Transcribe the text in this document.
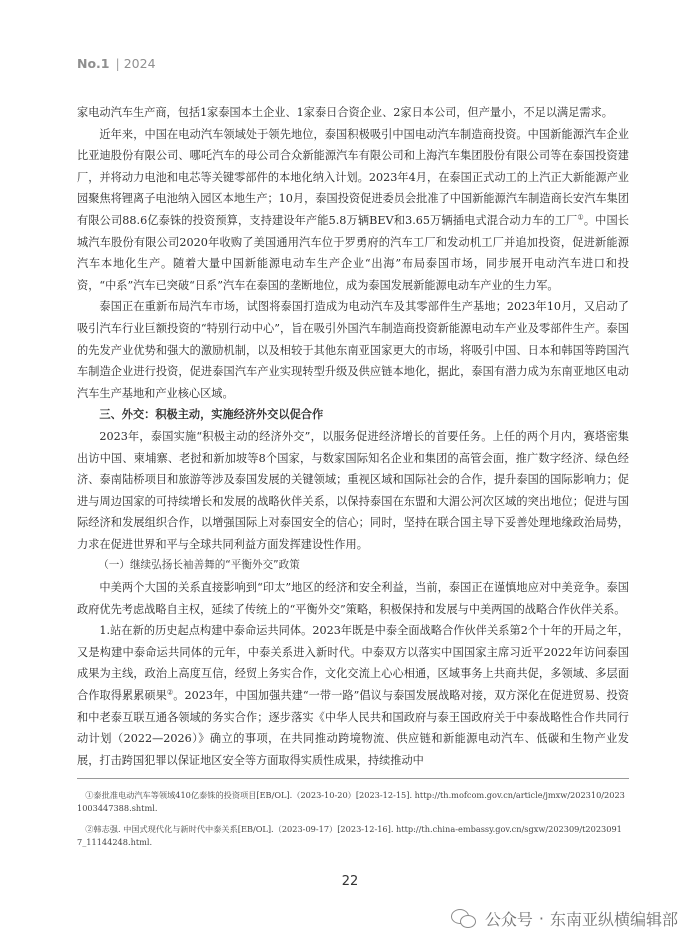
No.1 | 2024

家电动汽车生产商，包括1家泰国本土企业、1家泰日合资企业、2家日本公司，但产量小，不足以满足需求。

近年来，中国在电动汽车领域处于领先地位，泰国积极吸引中国电动汽车制造商投资。中国新能源汽车企业比亚迪股份有限公司、哪吒汽车的母公司合众新能源汽车有限公司和上海汽车集团股份有限公司等在泰国投资建厂，并将动力电池和电芯等关键零部件的本地化纳入计划。2023年4月，在泰国正式动工的上汽正大新能源产业园聚焦将锂离子电池纳入园区本地生产；10月，泰国投资促进委员会批准了中国新能源汽车制造商长安汽车集团有限公司88.6亿泰铢的投资预算，支持建设年产能5.8万辆BEV和3.65万辆插电式混合动力车的工厂①。中国长城汽车股份有限公司2020年收购了美国通用汽车位于罗勇府的汽车工厂和发动机工厂并追加投资，促进新能源汽车本地化生产。随着大量中国新能源电动车生产企业“出海”布局泰国市场，同步展开电动汽车进口和投资，“中系”汽车已突破“日系”汽车在泰国的垄断地位，成为泰国发展新能源电动车产业的生力军。

泰国正在重新布局汽车市场，试图将泰国打造成为电动汽车及其零部件生产基地；2023年10月，又启动了吸引汽车行业巨额投资的“特别行动中心”，旨在吸引外国汽车制造商投资新能源电动车产业及零部件生产。泰国的先发产业优势和强大的激励机制，以及相较于其他东南亚国家更大的市场，将吸引中国、日本和韩国等跨国汽车制造企业进行投资，促进泰国汽车产业实现转型升级及供应链本地化，据此，泰国有潜力成为东南亚地区电动汽车生产基地和产业核心区域。

三、外交：积极主动，实施经济外交以促合作

2023年，泰国实施“积极主动的经济外交”，以服务促进经济增长的首要任务。上任的两个月内，赛塔密集出访中国、柬埔寨、老挝和新加坡等8个国家，与数家国际知名企业和集团的高管会面，推广数字经济、绿色经济、泰南陆桥项目和旅游等涉及泰国发展的关键领域；重视区域和国际社会的合作，提升泰国的国际影响力；促进与周边国家的可持续增长和发展的战略伙伴关系，以保持泰国在东盟和大湄公河次区域的突出地位；促进与国际经济和发展组织合作，以增强国际上对泰国安全的信心；同时，坚持在联合国主导下妥善处理地缘政治局势，力求在促进世界和平与全球共同利益方面发挥建设性作用。

（一）继续弘扬长袖善舞的“平衡外交”政策

中美两个大国的关系直接影响到“印太”地区的经济和安全利益，当前，泰国正在谨慎地应对中美竞争。泰国政府优先考虑战略自主权，延续了传统上的“平衡外交”策略，积极保持和发展与中美两国的战略合作伙伴关系。

1.站在新的历史起点构建中泰命运共同体。2023年既是中泰全面战略合作伙伴关系第2个十年的开局之年，又是构建中泰命运共同体的元年，中泰关系进入新时代。中泰双方以落实中国国家主席习近平2022年访问泰国成果为主线，政治上高度互信，经贸上务实合作，文化交流上心心相通，区域事务上共商共促，多领域、多层面合作取得累累硕果②。2023年，中国加强共建“一带一路”倡议与泰国发展战略对接，双方深化在促进贸易、投资和中老泰互联互通各领域的务实合作；逐步落实《中华人民共和国政府与泰王国政府关于中泰战略性合作共同行动计划（2022—2026）》确立的事项，在共同推动跨境物流、供应链和新能源电动汽车、低碳和生物产业发展，打击跨国犯罪以保证地区安全等方面取得实质性成果，持续推动中

①泰批准电动汽车等领域410亿泰铢的投资项目[EB/OL].（2023-10-20）[2023-12-15]. http://th.mofcom.gov.cn/article/jmxw/202310/20231003447388.shtml.

②韩志强. 中国式现代化与新时代中泰关系[EB/OL].（2023-09-17）[2023-12-16]. http://th.china-embassy.gov.cn/sgxw/202309/t2023091 7_11144248.html.

22
公众号 · 东南亚纵横编辑部
